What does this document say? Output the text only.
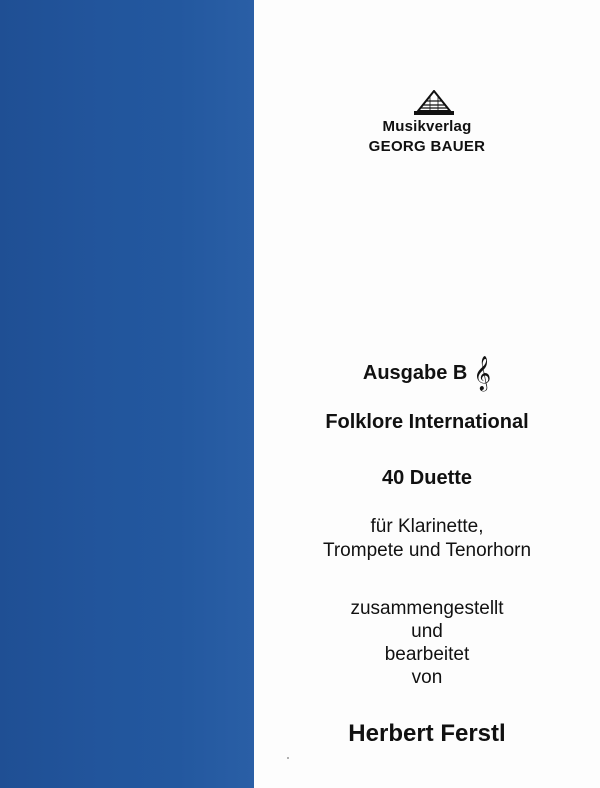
Musikverlag
GEORG BAUER
Ausgabe B 𝄞
Folklore International
40 Duette
für Klarinette,
Trompete und Tenorhorn
zusammengestellt
und
bearbeitet
von
Herbert Ferstl
